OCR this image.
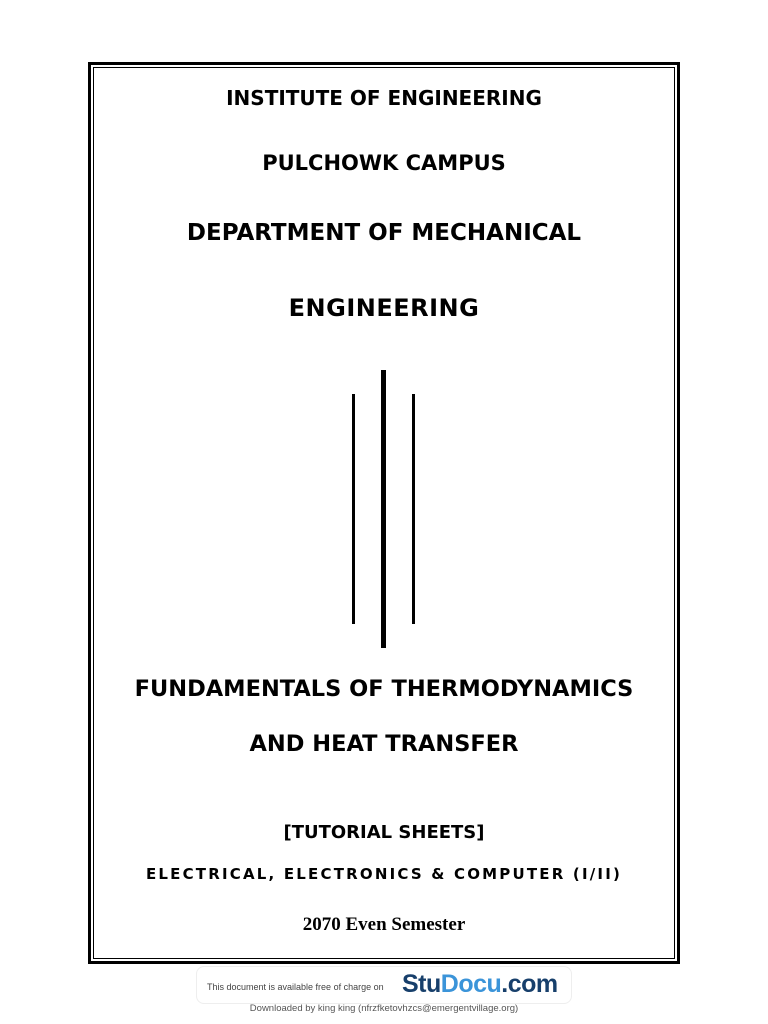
INSTITUTE OF ENGINEERING
PULCHOWK CAMPUS
DEPARTMENT OF MECHANICAL
ENGINEERING
FUNDAMENTALS OF THERMODYNAMICS
AND HEAT TRANSFER
[TUTORIAL SHEETS]
ELECTRICAL, ELECTRONICS & COMPUTER (I/II)
2070 Even Semester
This document is available free of charge on StuDocu.com
Downloaded by king king (nfrzfketovhzcs@emergentvillage.org)
